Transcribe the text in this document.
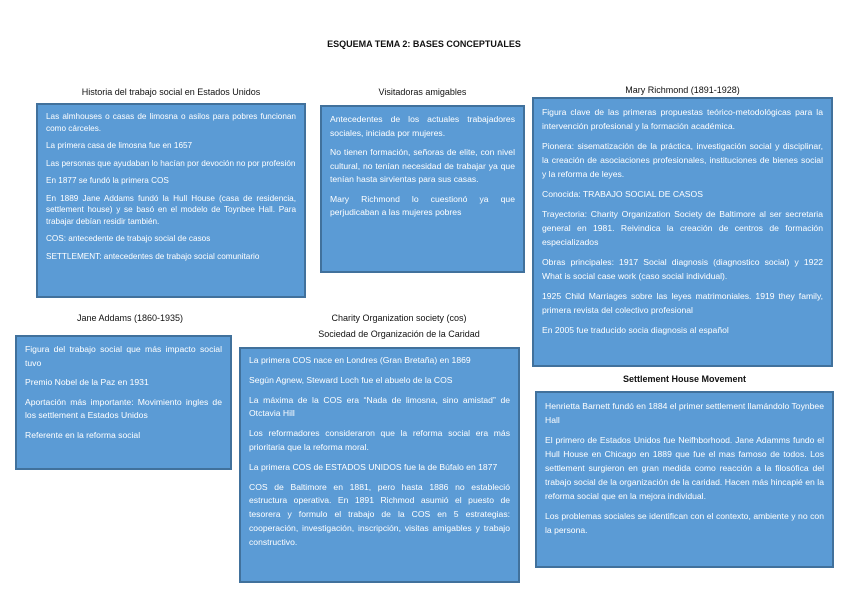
ESQUEMA TEMA 2: BASES CONCEPTUALES
Historia del trabajo social en Estados Unidos

Las almhouses o casas de limosna o asilos para pobres funcionan como cárceles.

La primera casa de limosna fue en 1657

Las personas que ayudaban lo hacían por devoción no por profesión

En 1877 se fundó la primera COS

En 1889 Jane Addams fundó la Hull House (casa de residencia, settlement house) y se basó en el modelo de Toynbee Hall. Para trabajar debían residir también.

COS: antecedente de trabajo social de casos

SETTLEMENT: antecedentes de trabajo social comunitario

Visitadoras amigables

Antecedentes de los actuales trabajadores sociales, iniciada por mujeres.

No tienen formación, señoras de elite, con nivel cultural, no tenían necesidad de trabajar ya que tenían hasta sirvientas para sus casas.

Mary Richmond lo cuestionó ya que perjudicaban a las mujeres pobres

Mary Richmond (1891-1928)

Figura clave de las primeras propuestas teórico-metodológicas para la intervención profesional y la formación académica.

Pionera: sisematización de la práctica, investigación social y disciplinar, la creación de asociaciones profesionales, instituciones de bienes social y la reforma de leyes.

Conocida: TRABAJO SOCIAL DE CASOS

Trayectoria: Charity Organization Society de Baltimore al ser secretaria general en 1981. Reivindica la creación de centros de formación especializados

Obras principales: 1917 Social diagnosis (diagnostico social) y 1922 What is social case work (caso social individual).

1925 Child Marriages sobre las leyes matrimoniales. 1919 they family, primera revista del colectivo profesional

En 2005 fue traducido socia diagnosis al español

Jane Addams (1860-1935)

Figura del trabajo social que más impacto social tuvo

Premio Nobel de la Paz en 1931

Aportación más importante: Movimiento ingles de los settlement a Estados Unidos

Referente en la reforma social

Charity Organization society (cos)
Sociedad de Organización de la Caridad

La primera COS nace en Londres (Gran Bretaña) en 1869

Según Agnew, Steward Loch fue el abuelo de la COS

La máxima de la COS era “Nada de limosna, sino amistad” de Otctavia Hill

Los reformadores consideraron que la reforma social era más prioritaria que la reforma moral.

La primera COS de ESTADOS UNIDOS fue la de Búfalo en 1877

COS de Baltimore en 1881, pero hasta 1886 no estableció estructura operativa. En 1891 Richmod asumió el puesto de tesorera y formulo el trabajo de la COS en 5 estrategias: cooperación, investigación, inscripción, visitas amigables y trabajo constructivo.

Settlement House Movement

Henrietta Barnett fundó en 1884 el primer settlement llamándolo Toynbee Hall

El primero de Estados Unidos fue Neifhborhood. Jane Adamms fundo el Hull House en Chicago en 1889 que fue el mas famoso de todos. Los settlement surgieron en gran medida como reacción a la filosófica del trabajo social de la organización de la caridad. Hacen más hincapié en la reforma social que en la mejora individual.

Los problemas sociales se identifican con el contexto, ambiente y no con la persona.
